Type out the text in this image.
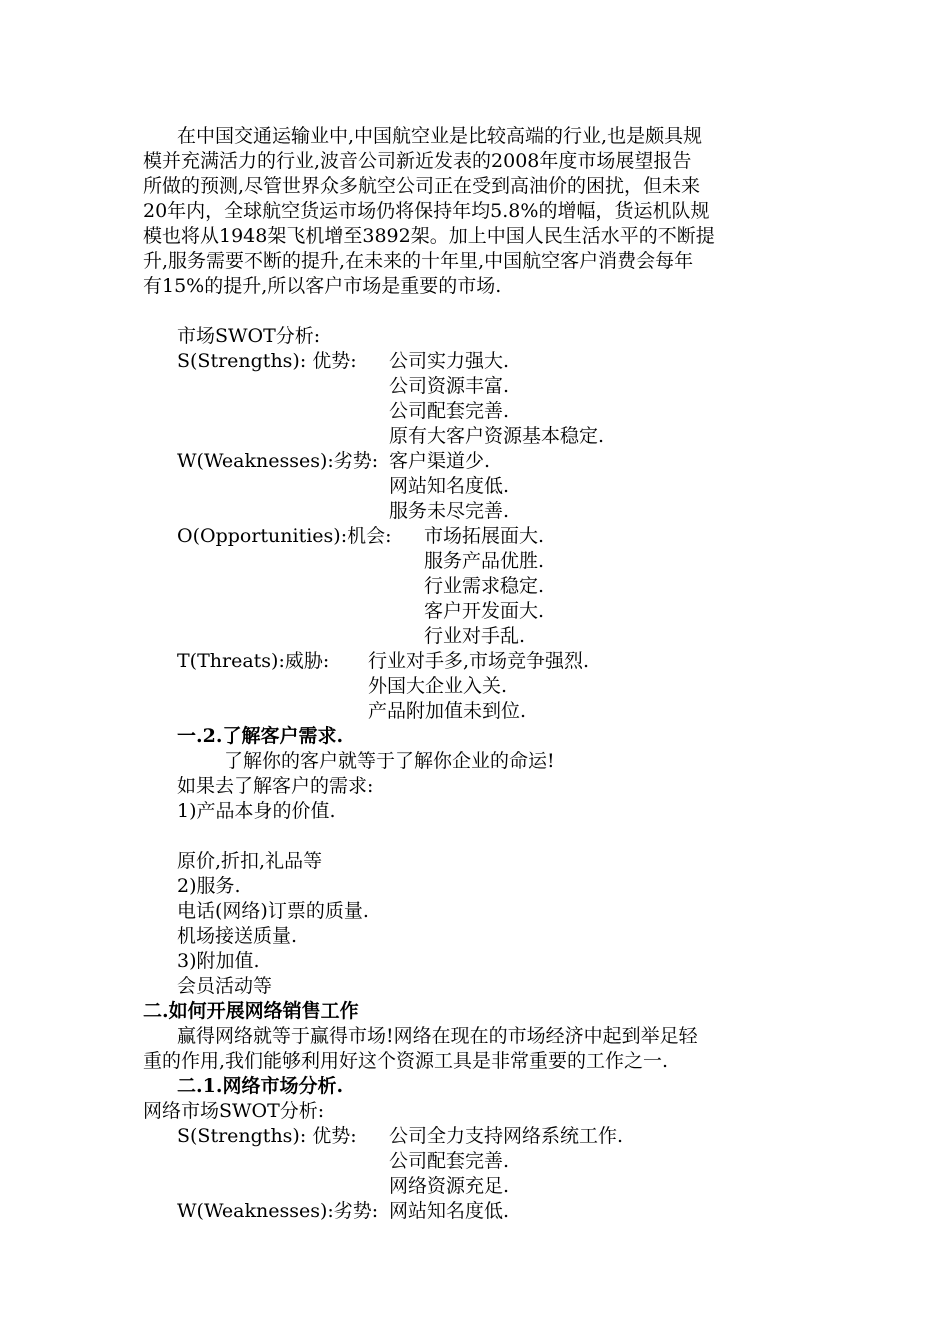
在中国交通运输业中,中国航空业是比较高端的行业,也是颇具规
模并充满活力的行业,波音公司新近发表的2008年度市场展望报告
所做的预测,尽管世界众多航空公司正在受到高油价的困扰，但未来
20年内，全球航空货运市场仍将保持年均5.8%的增幅，货运机队规
模也将从1948架飞机增至3892架。加上中国人民生活水平的不断提
升,服务需要不断的提升,在未来的十年里,中国航空客户消费会每年
有15%的提升,所以客户市场是重要的市场.
市场SWOT分析:
S(Strengths): 优势: 公司实力强大.
公司资源丰富.
公司配套完善.
原有大客户资源基本稳定.
W(Weaknesses):劣势: 客户渠道少.
网站知名度低.
服务未尽完善.
O(Opportunities):机会: 市场拓展面大.
服务产品优胜.
行业需求稳定.
客户开发面大.
行业对手乱.
T(Threats):威胁: 行业对手多,市场竞争强烈.
外国大企业入关.
产品附加值未到位.
一.2.了解客户需求.
了解你的客户就等于了解你企业的命运!
如果去了解客户的需求:
1)产品本身的价值.
原价,折扣,礼品等
2)服务.
电话(网络)订票的质量.
机场接送质量.
3)附加值.
会员活动等
二.如何开展网络销售工作
赢得网络就等于赢得市场!网络在现在的市场经济中起到举足轻
重的作用,我们能够利用好这个资源工具是非常重要的工作之一.
二.1.网络市场分析.
网络市场SWOT分析:
S(Strengths): 优势: 公司全力支持网络系统工作.
公司配套完善.
网络资源充足.
W(Weaknesses):劣势: 网站知名度低.
